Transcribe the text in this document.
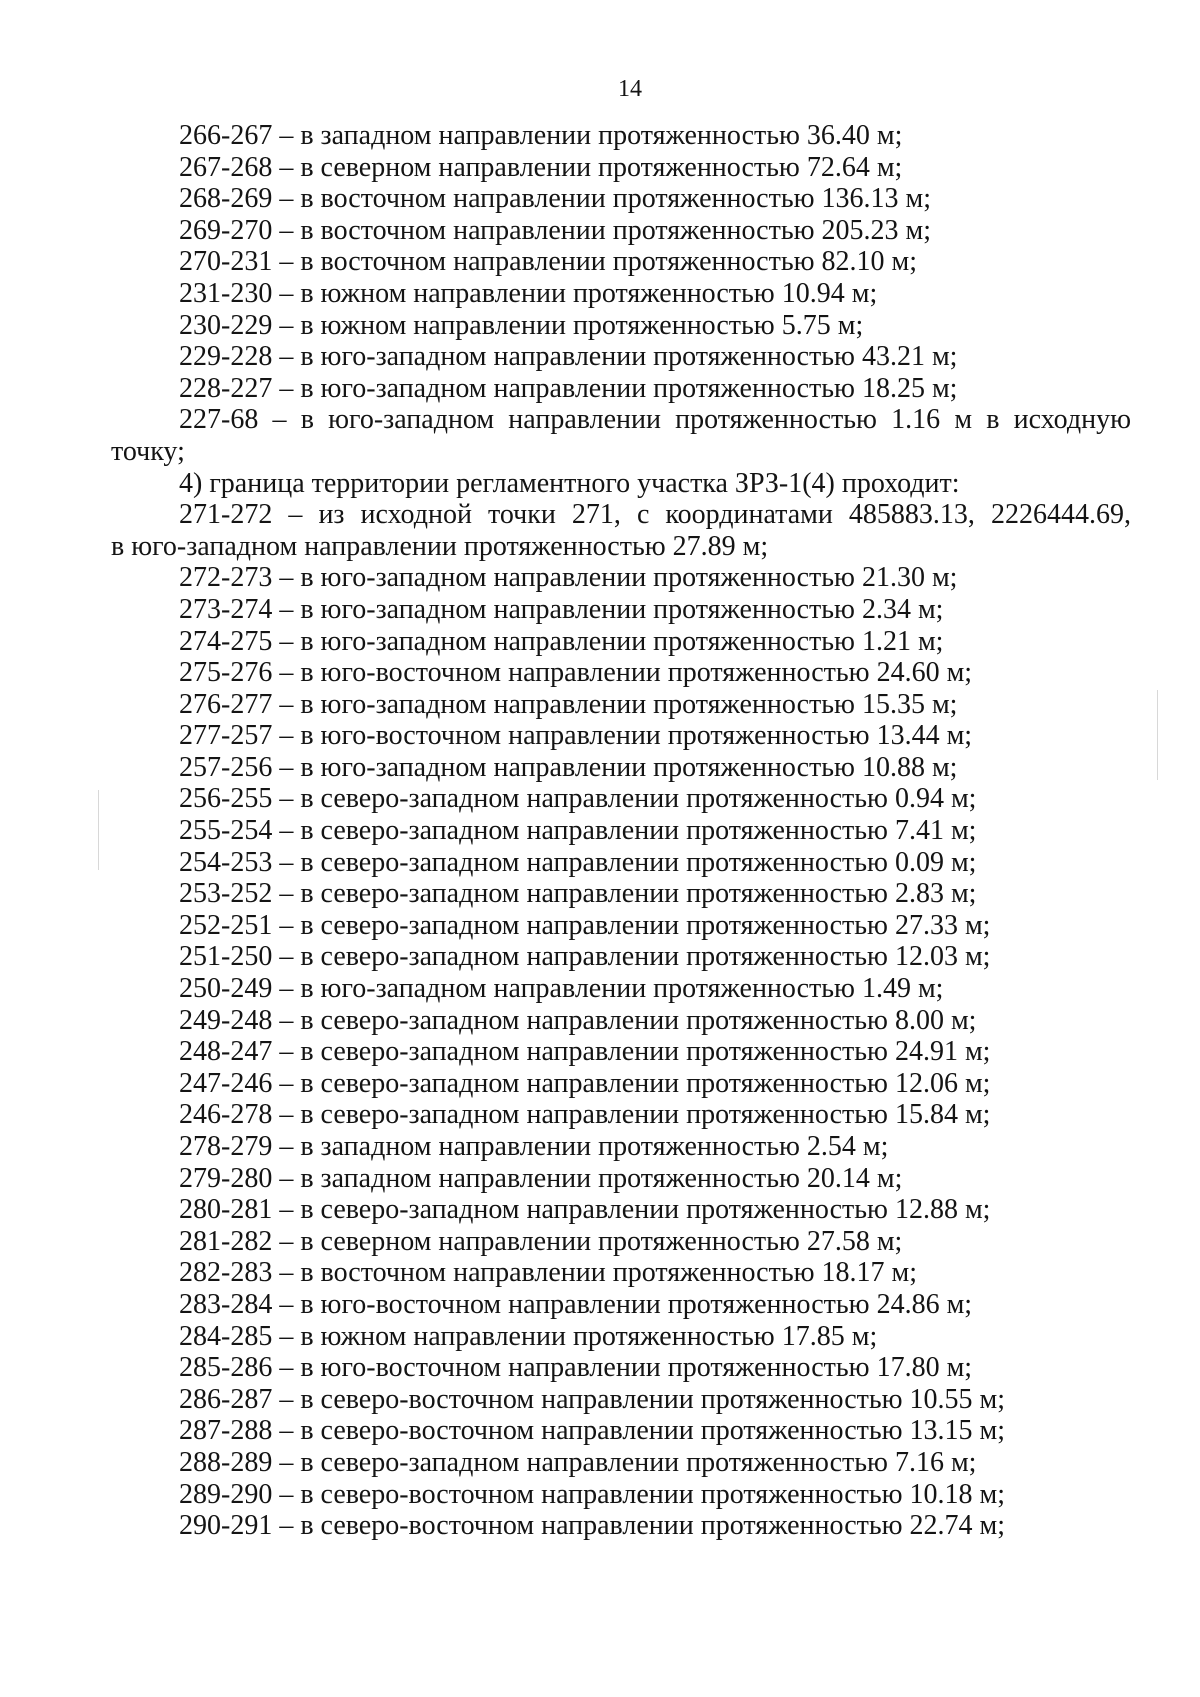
14
266-267 – в западном направлении протяженностью 36.40 м;
267-268 – в северном направлении протяженностью 72.64 м;
268-269 – в восточном направлении протяженностью 136.13 м;
269-270 – в восточном направлении протяженностью 205.23 м;
270-231 – в восточном направлении протяженностью 82.10 м;
231-230 – в южном направлении протяженностью 10.94 м;
230-229 – в южном направлении протяженностью 5.75 м;
229-228 – в юго-западном направлении протяженностью 43.21 м;
228-227 – в юго-западном направлении протяженностью 18.25 м;
227-68 – в юго-западном направлении протяженностью 1.16 м в исходную
точку;
4) граница территории регламентного участка ЗРЗ-1(4) проходит:
271-272 – из исходной точки 271, с координатами 485883.13, 2226444.69,
в юго-западном направлении протяженностью 27.89 м;
272-273 – в юго-западном направлении протяженностью 21.30 м;
273-274 – в юго-западном направлении протяженностью 2.34 м;
274-275 – в юго-западном направлении протяженностью 1.21 м;
275-276 – в юго-восточном направлении протяженностью 24.60 м;
276-277 – в юго-западном направлении протяженностью 15.35 м;
277-257 – в юго-восточном направлении протяженностью 13.44 м;
257-256 – в юго-западном направлении протяженностью 10.88 м;
256-255 – в северо-западном направлении протяженностью 0.94 м;
255-254 – в северо-западном направлении протяженностью 7.41 м;
254-253 – в северо-западном направлении протяженностью 0.09 м;
253-252 – в северо-западном направлении протяженностью 2.83 м;
252-251 – в северо-западном направлении протяженностью 27.33 м;
251-250 – в северо-западном направлении протяженностью 12.03 м;
250-249 – в юго-западном направлении протяженностью 1.49 м;
249-248 – в северо-западном направлении протяженностью 8.00 м;
248-247 – в северо-западном направлении протяженностью 24.91 м;
247-246 – в северо-западном направлении протяженностью 12.06 м;
246-278 – в северо-западном направлении протяженностью 15.84 м;
278-279 – в западном направлении протяженностью 2.54 м;
279-280 – в западном направлении протяженностью 20.14 м;
280-281 – в северо-западном направлении протяженностью 12.88 м;
281-282 – в северном направлении протяженностью 27.58 м;
282-283 – в восточном направлении протяженностью 18.17 м;
283-284 – в юго-восточном направлении протяженностью 24.86 м;
284-285 – в южном направлении протяженностью 17.85 м;
285-286 – в юго-восточном направлении протяженностью 17.80 м;
286-287 – в северо-восточном направлении протяженностью 10.55 м;
287-288 – в северо-восточном направлении протяженностью 13.15 м;
288-289 – в северо-западном направлении протяженностью 7.16 м;
289-290 – в северо-восточном направлении протяженностью 10.18 м;
290-291 – в северо-восточном направлении протяженностью 22.74 м;
